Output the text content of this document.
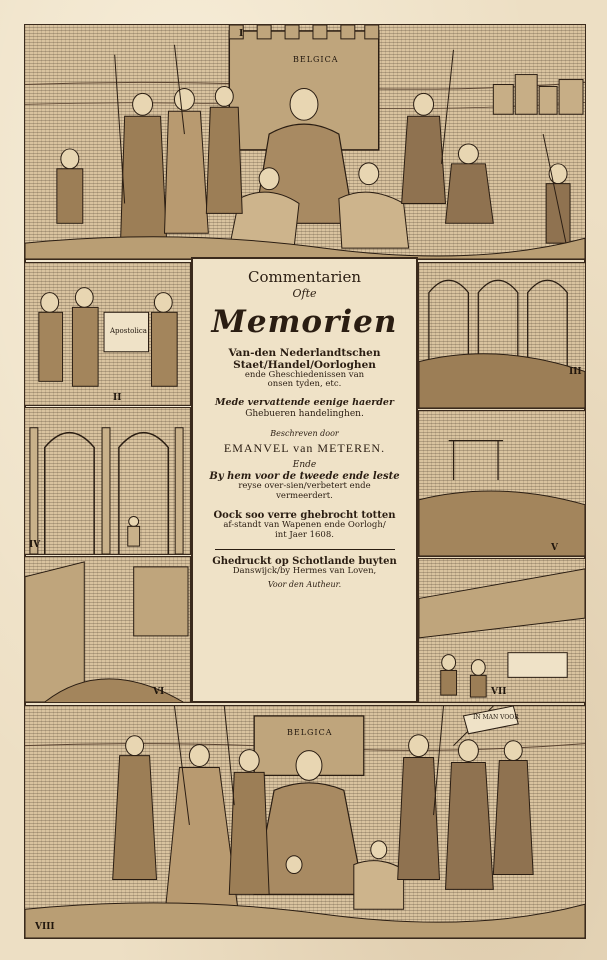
I
BELGICA
Apostolica
II
IV
VI
III
V
VII
Commentarien
Ofte
Memorien
Van-den Nederlandtschen
Staet/Handel/Oorloghen
ende Gheschiedenissen van
onsen tyden, etc.
Mede vervattende eenige haerder
Ghebueren handelinghen.
Beschreven door
EMANVEL van METEREN.
Ende
By hem voor de tweede ende leste
reyse over-sien/verbetert ende
vermeerdert.
Oock soo verre ghebrocht totten
af-standt van Wapenen ende Oorlogh/
int Jaer 1608.
Ghedruckt op Schotlande buyten
Danswijck/by Hermes van Loven,
Voor den Autheur.
BELGICA
IN MAN VOOR
VIII
